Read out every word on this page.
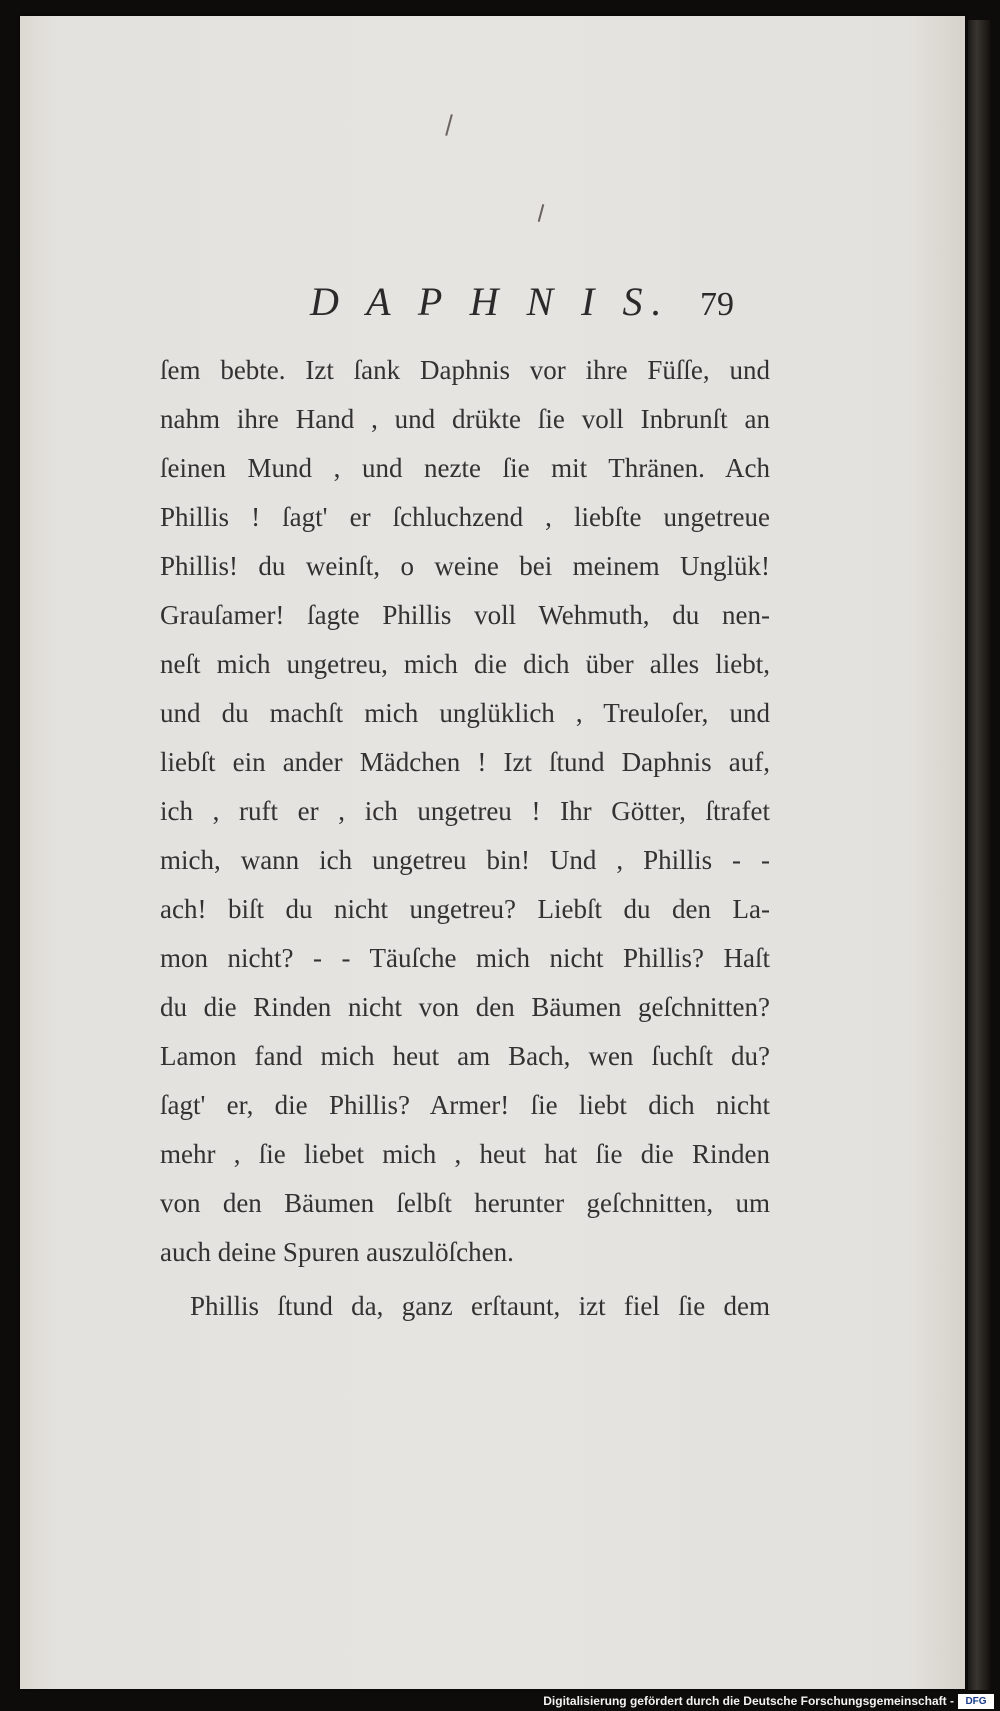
D A P H N I S. 79
ſem bebte. Izt ſank Daphnis vor ihre Füſſe, und
nahm ihre Hand , und drükte ſie voll Inbrunſt an
ſeinen Mund , und nezte ſie mit Thränen. Ach
Phillis ! ſagt' er ſchluchzend , liebſte ungetreue
Phillis! du weinſt, o weine bei meinem Unglük!
Grauſamer! ſagte Phillis voll Wehmuth, du nen-
neſt mich ungetreu, mich die dich über alles liebt,
und du machſt mich unglüklich , Treuloſer, und
liebſt ein ander Mädchen ! Izt ſtund Daphnis auf,
ich , ruft er , ich ungetreu ! Ihr Götter, ſtrafet
mich, wann ich ungetreu bin! Und , Phillis - -
ach! biſt du nicht ungetreu? Liebſt du den La-
mon nicht? - - Täuſche mich nicht Phillis? Haſt
du die Rinden nicht von den Bäumen geſchnitten?
Lamon fand mich heut am Bach, wen ſuchſt du?
ſagt' er, die Phillis? Armer! ſie liebt dich nicht
mehr , ſie liebet mich , heut hat ſie die Rinden
von den Bäumen ſelbſt herunter geſchnitten, um
auch deine Spuren auszulöſchen.
Phillis ſtund da, ganz erſtaunt, izt fiel ſie dem
Digitalisierung gefördert durch die Deutsche Forschungsgemeinschaft -	DFG
